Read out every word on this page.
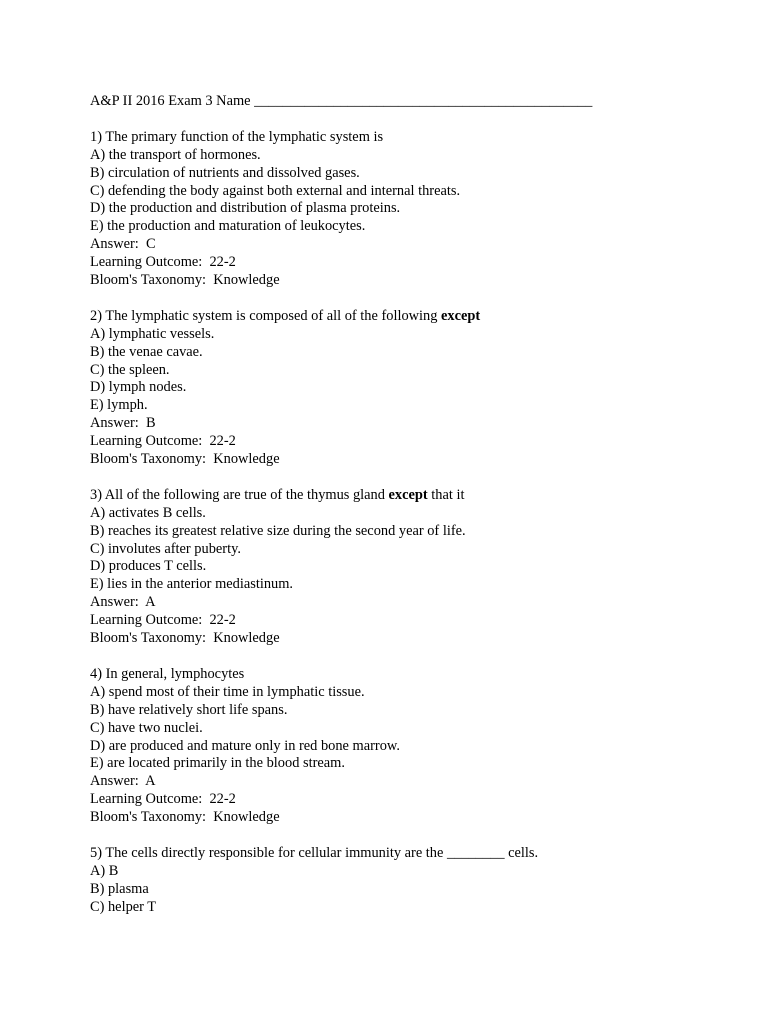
A&P II 2016 Exam 3 Name _______________________________________________
1) The primary function of the lymphatic system is
A) the transport of hormones.
B) circulation of nutrients and dissolved gases.
C) defending the body against both external and internal threats.
D) the production and distribution of plasma proteins.
E) the production and maturation of leukocytes.
Answer:  C
Learning Outcome:  22-2
Bloom's Taxonomy:  Knowledge
2) The lymphatic system is composed of all of the following except
A) lymphatic vessels.
B) the venae cavae.
C) the spleen.
D) lymph nodes.
E) lymph.
Answer:  B
Learning Outcome:  22-2
Bloom's Taxonomy:  Knowledge
3) All of the following are true of the thymus gland except that it
A) activates B cells.
B) reaches its greatest relative size during the second year of life.
C) involutes after puberty.
D) produces T cells.
E) lies in the anterior mediastinum.
Answer:  A
Learning Outcome:  22-2
Bloom's Taxonomy:  Knowledge
4) In general, lymphocytes
A) spend most of their time in lymphatic tissue.
B) have relatively short life spans.
C) have two nuclei.
D) are produced and mature only in red bone marrow.
E) are located primarily in the blood stream.
Answer:  A
Learning Outcome:  22-2
Bloom's Taxonomy:  Knowledge
5) The cells directly responsible for cellular immunity are the ________ cells.
A) B
B) plasma
C) helper T
